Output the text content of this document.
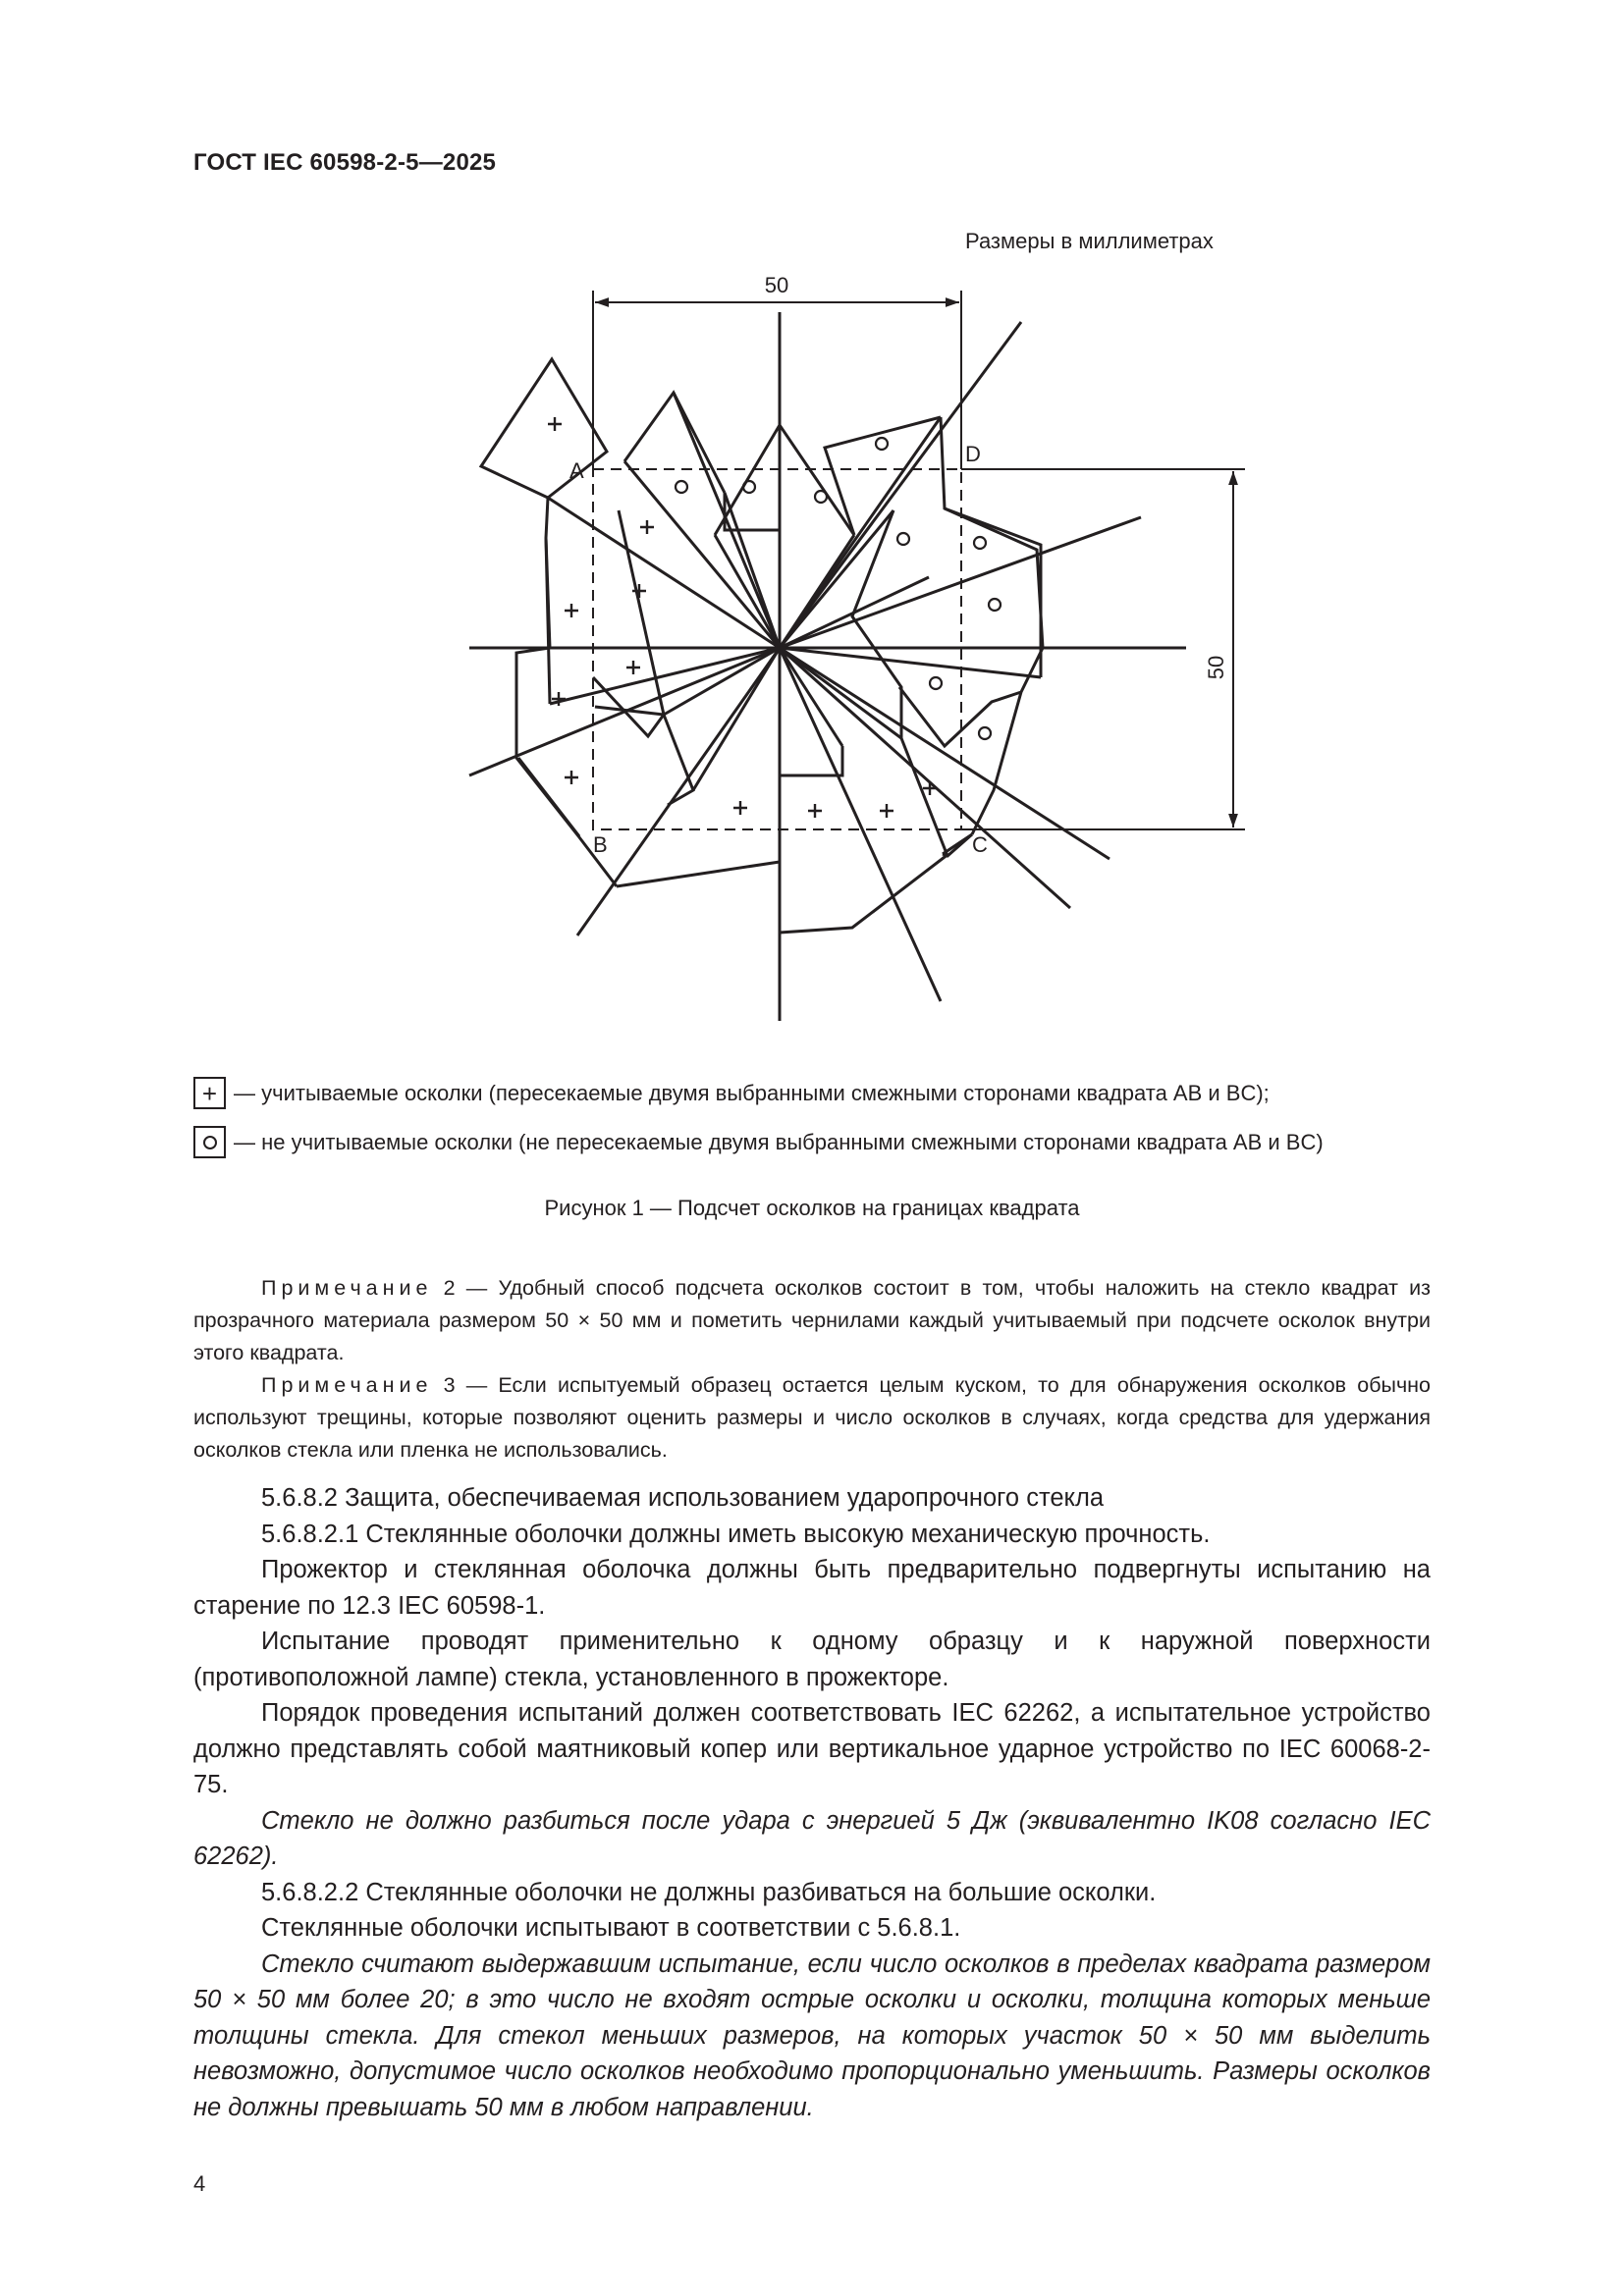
ГОСТ IEC 60598-2-5—2025
Размеры в миллиметрах
50
50
A
B	C
D
+ — учитываемые осколки (пересекаемые двумя выбранными смежными сторонами квадрата AB и BC);
— не учитываемые осколки (не пересекаемые двумя выбранными смежными сторонами квадрата AB и BC)
Рисунок 1 — Подсчет осколков на границах квадрата

Примечание 2 — Удобный способ подсчета осколков состоит в том, чтобы наложить на стекло квадрат из прозрачного материала размером 50 × 50 мм и пометить чернилами каждый учитываемый при подсчете осколок внутри этого квадрата.

Примечание 3 — Если испытуемый образец остается целым куском, то для обнаружения осколков обычно используют трещины, которые позволяют оценить размеры и число осколков в случаях, когда средства для удержания осколков стекла или пленка не использовались.

5.6.8.2 Защита, обеспечиваемая использованием ударопрочного стекла

5.6.8.2.1 Стеклянные оболочки должны иметь высокую механическую прочность.

Прожектор и стеклянная оболочка должны быть предварительно подвергнуты испытанию на старение по 12.3 IEC 60598-1.

Испытание проводят применительно к одному образцу и к наружной поверхности (противоположной лампе) стекла, установленного в прожекторе.

Порядок проведения испытаний должен соответствовать IEC 62262, а испытательное устройство должно представлять собой маятниковый копер или вертикальное ударное устройство по IEC 60068-2-75.

Стекло не должно разбиться после удара с энергией 5 Дж (эквивалентно IK08 согласно IEC 62262).

5.6.8.2.2 Стеклянные оболочки не должны разбиваться на большие осколки.

Стеклянные оболочки испытывают в соответствии с 5.6.8.1.

Стекло считают выдержавшим испытание, если число осколков в пределах квадрата размером 50 × 50 мм более 20; в это число не входят острые осколки и осколки, толщина которых меньше толщины стекла. Для стекол меньших размеров, на которых участок 50 × 50 мм выделить невозможно, допустимое число осколков необходимо пропорционально уменьшить. Размеры осколков не должны превышать 50 мм в любом направлении.

4
